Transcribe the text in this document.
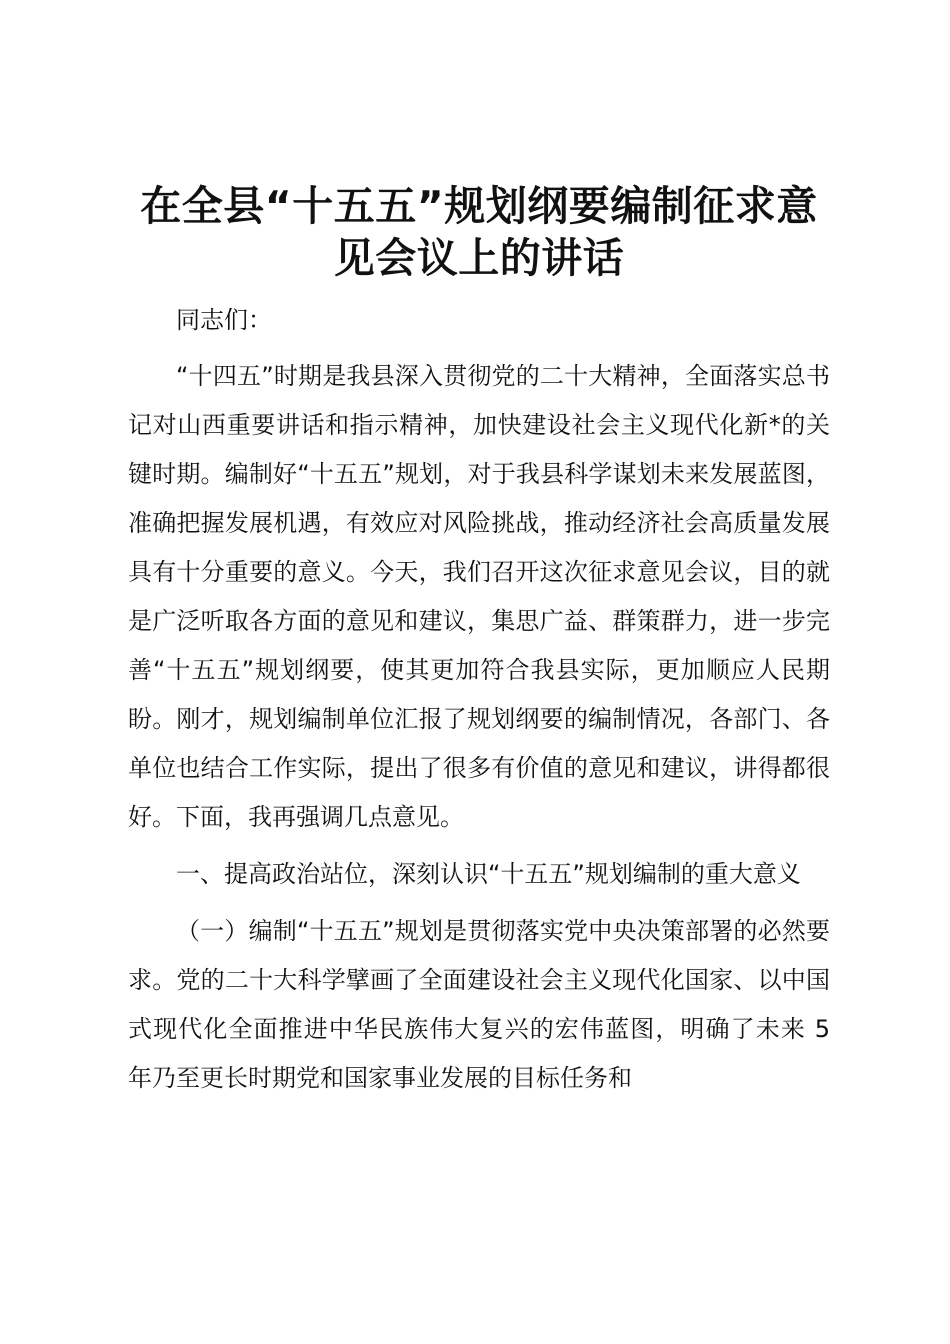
在全县“十五五”规划纲要编制征求意见会议上的讲话

同志们：

“十四五”时期是我县深入贯彻党的二十大精神，全面落实总书记对山西重要讲话和指示精神，加快建设社会主义现代化新*的关键时期。编制好“十五五”规划，对于我县科学谋划未来发展蓝图，准确把握发展机遇，有效应对风险挑战，推动经济社会高质量发展具有十分重要的意义。今天，我们召开这次征求意见会议，目的就是广泛听取各方面的意见和建议，集思广益、群策群力，进一步完善“十五五”规划纲要，使其更加符合我县实际，更加顺应人民期盼。刚才，规划编制单位汇报了规划纲要的编制情况，各部门、各单位也结合工作实际，提出了很多有价值的意见和建议，讲得都很好。下面，我再强调几点意见。

一、提高政治站位，深刻认识“十五五”规划编制的重大意义

（一）编制“十五五”规划是贯彻落实党中央决策部署的必然要求。党的二十大科学擘画了全面建设社会主义现代化国家、以中国式现代化全面推进中华民族伟大复兴的宏伟蓝图，明确了未来 5 年乃至更长时期党和国家事业发展的目标任务和
